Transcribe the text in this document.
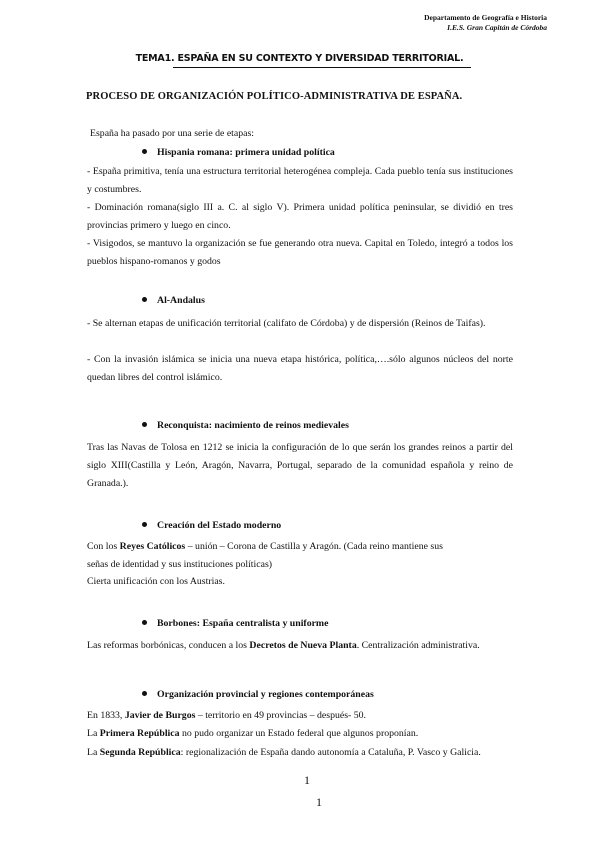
Departamento de Geografía e Historia
I.E.S. Gran Capitán de Córdoba
TEMA1. ESPAÑA EN SU CONTEXTO Y DIVERSIDAD TERRITORIAL.
PROCESO DE ORGANIZACIÓN POLÍTICO-ADMINISTRATIVA DE ESPAÑA.
España ha pasado por una serie de etapas:
Hispania romana: primera unidad política
- España primitiva, tenía una estructura territorial heterogénea compleja. Cada pueblo tenía sus instituciones y costumbres.
- Dominación romana(siglo III a. C. al siglo V). Primera unidad política peninsular, se dividió en tres provincias primero y luego en cinco.
- Visigodos, se mantuvo la organización se fue generando otra nueva. Capital en Toledo, integró a todos los pueblos hispano-romanos y godos
Al-Andalus
- Se alternan etapas de unificación territorial (califato de Córdoba) y de dispersión (Reinos de Taifas).
- Con la invasión islámica se inicia una nueva etapa histórica, política,….sólo algunos núcleos del norte quedan libres del control islámico.
Reconquista: nacimiento de reinos medievales
Tras las Navas de Tolosa en 1212 se inicia la configuración de lo que serán los grandes reinos a partir del siglo XIII(Castilla y León, Aragón, Navarra, Portugal, separado de la comunidad española y reino de Granada.).
Creación del Estado moderno
Con los Reyes Católicos – unión – Corona de Castilla y Aragón. (Cada reino mantiene sus
señas de identidad y sus instituciones políticas)
Cierta unificación con los Austrias.
Borbones: España centralista y uniforme
Las reformas borbónicas, conducen a los Decretos de Nueva Planta. Centralización administrativa.
Organización provincial y regiones contemporáneas
En 1833, Javier de Burgos – territorio en 49 provincias – después- 50.
La Primera República no pudo organizar un Estado federal que algunos proponían.
La Segunda República: regionalización de España dando autonomía a Cataluña, P. Vasco y Galicia.
1
1
